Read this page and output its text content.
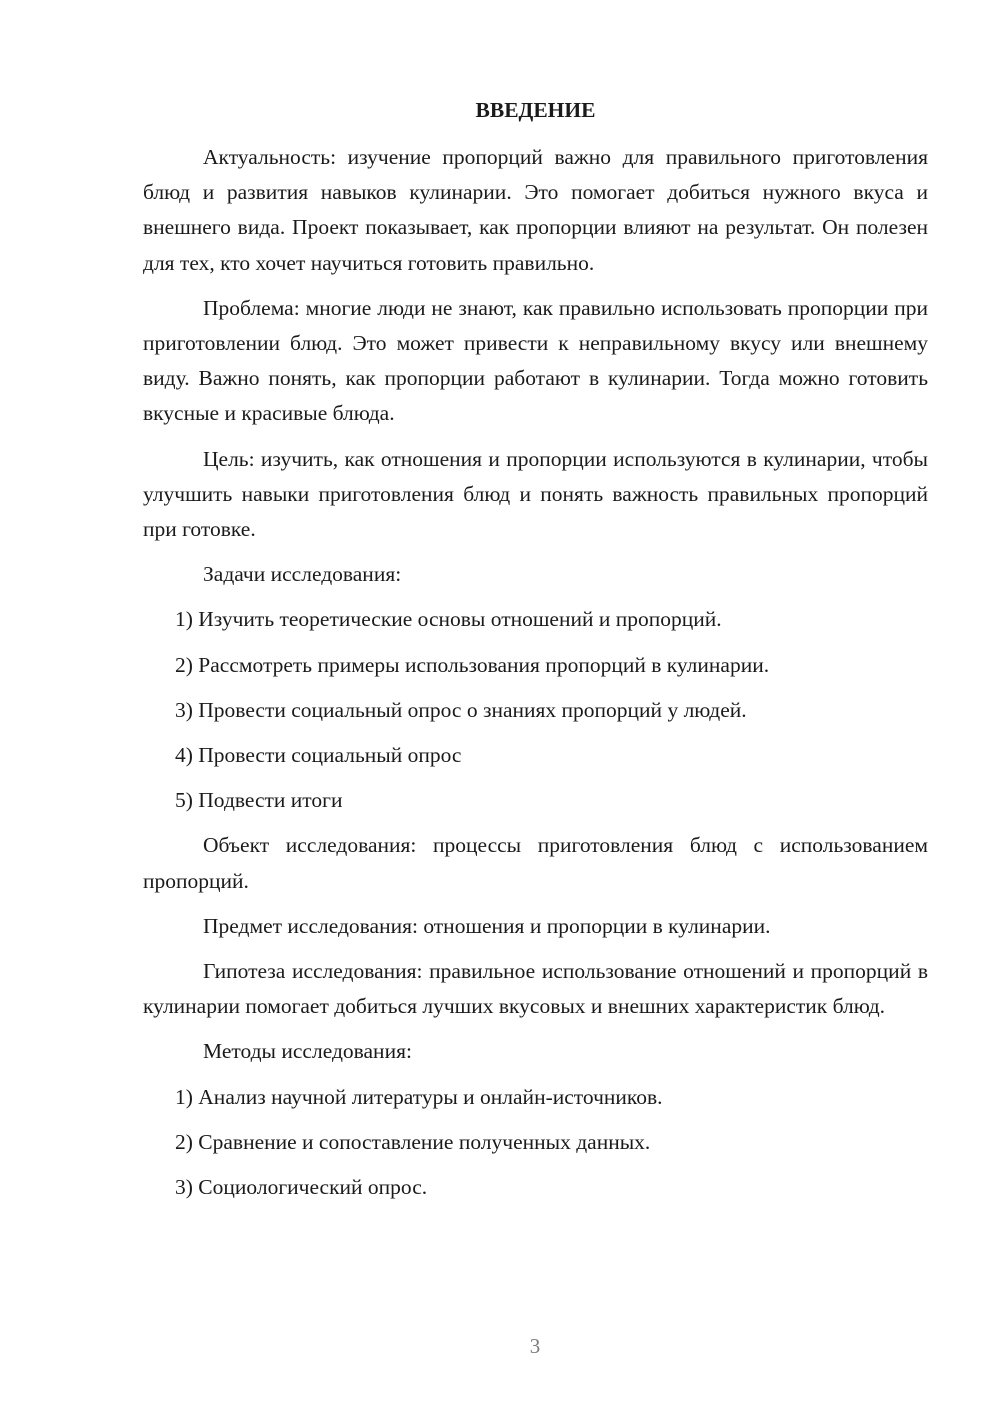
ВВЕДЕНИЕ

Актуальность: изучение пропорций важно для правильного приготовления блюд и развития навыков кулинарии. Это помогает добиться нужного вкуса и внешнего вида. Проект показывает, как пропорции влияют на результат. Он полезен для тех, кто хочет научиться готовить правильно.

Проблема: многие люди не знают, как правильно использовать пропорции при приготовлении блюд. Это может привести к неправильному вкусу или внешнему виду. Важно понять, как пропорции работают в кулинарии. Тогда можно готовить вкусные и красивые блюда.

Цель: изучить, как отношения и пропорции используются в кулинарии, чтобы улучшить навыки приготовления блюд и понять важность правильных пропорций при готовке.

Задачи исследования:
1) Изучить теоретические основы отношений и пропорций.
2) Рассмотреть примеры использования пропорций в кулинарии.
3) Провести социальный опрос о знаниях пропорций у людей.
4) Провести социальный опрос
5) Подвести итоги

Объект исследования: процессы приготовления блюд с использованием пропорций.

Предмет исследования: отношения и пропорции в кулинарии.

Гипотеза исследования: правильное использование отношений и пропорций в кулинарии помогает добиться лучших вкусовых и внешних характеристик блюд.

Методы исследования:
1) Анализ научной литературы и онлайн-источников.
2) Сравнение и сопоставление полученных данных.
3) Социологический опрос.
3
